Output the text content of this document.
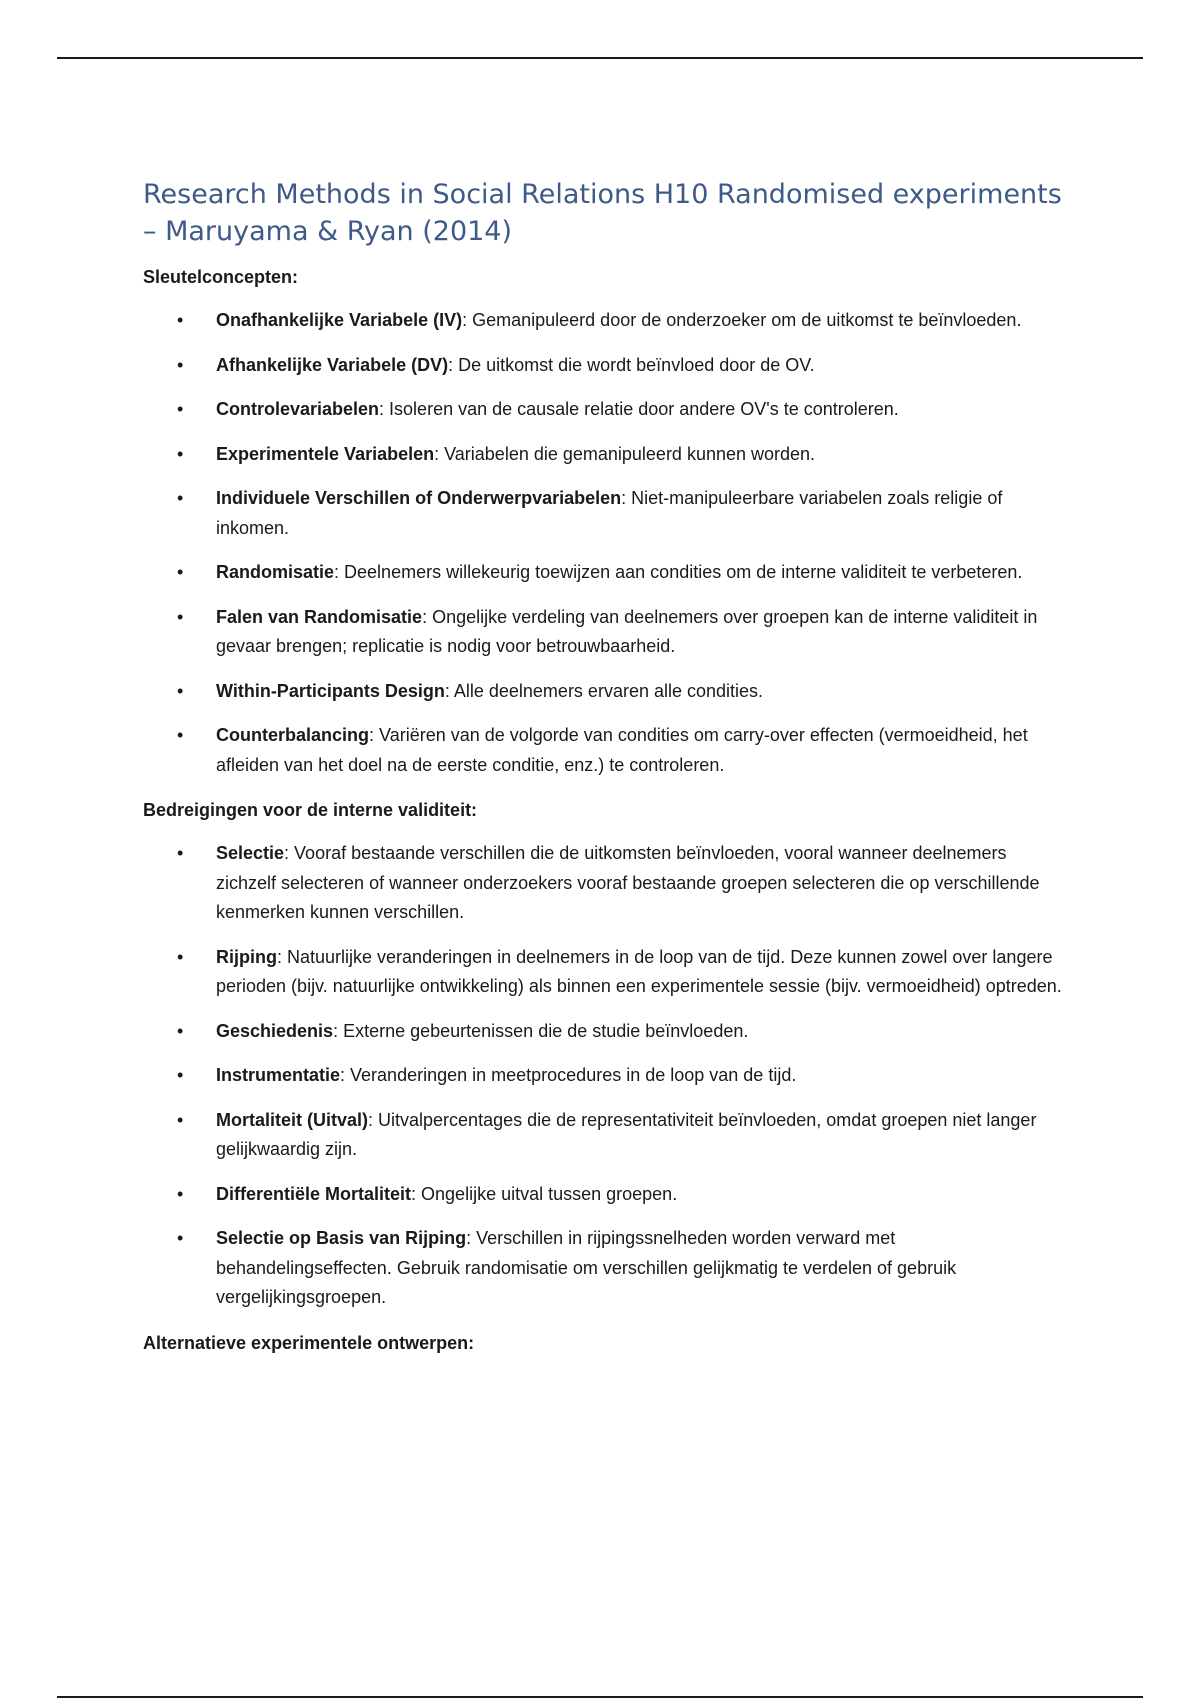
Research Methods in Social Relations H10 Randomised experiments – Maruyama & Ryan (2014)

Sleutelconcepten:

• Onafhankelijke Variabele (IV): Gemanipuleerd door de onderzoeker om de uitkomst te beïnvloeden.
• Afhankelijke Variabele (DV): De uitkomst die wordt beïnvloed door de OV.
• Controlevariabelen: Isoleren van de causale relatie door andere OV's te controleren.
• Experimentele Variabelen: Variabelen die gemanipuleerd kunnen worden.
• Individuele Verschillen of Onderwerpvariabelen: Niet-manipuleerbare variabelen zoals religie of inkomen.
• Randomisatie: Deelnemers willekeurig toewijzen aan condities om de interne validiteit te verbeteren.
• Falen van Randomisatie: Ongelijke verdeling van deelnemers over groepen kan de interne validiteit in gevaar brengen; replicatie is nodig voor betrouwbaarheid.
• Within-Participants Design: Alle deelnemers ervaren alle condities.
• Counterbalancing: Variëren van de volgorde van condities om carry-over effecten (vermoeidheid, het afleiden van het doel na de eerste conditie, enz.) te controleren.

Bedreigingen voor de interne validiteit:

• Selectie: Vooraf bestaande verschillen die de uitkomsten beïnvloeden, vooral wanneer deelnemers zichzelf selecteren of wanneer onderzoekers vooraf bestaande groepen selecteren die op verschillende kenmerken kunnen verschillen.
• Rijping: Natuurlijke veranderingen in deelnemers in de loop van de tijd. Deze kunnen zowel over langere perioden (bijv. natuurlijke ontwikkeling) als binnen een experimentele sessie (bijv. vermoeidheid) optreden.
• Geschiedenis: Externe gebeurtenissen die de studie beïnvloeden.
• Instrumentatie: Veranderingen in meetprocedures in de loop van de tijd.
• Mortaliteit (Uitval): Uitvalpercentages die de representativiteit beïnvloeden, omdat groepen niet langer gelijkwaardig zijn.
• Differentiële Mortaliteit: Ongelijke uitval tussen groepen.
• Selectie op Basis van Rijping: Verschillen in rijpingssnelheden worden verward met behandelingseffecten. Gebruik randomisatie om verschillen gelijkmatig te verdelen of gebruik vergelijkingsgroepen.

Alternatieve experimentele ontwerpen:
